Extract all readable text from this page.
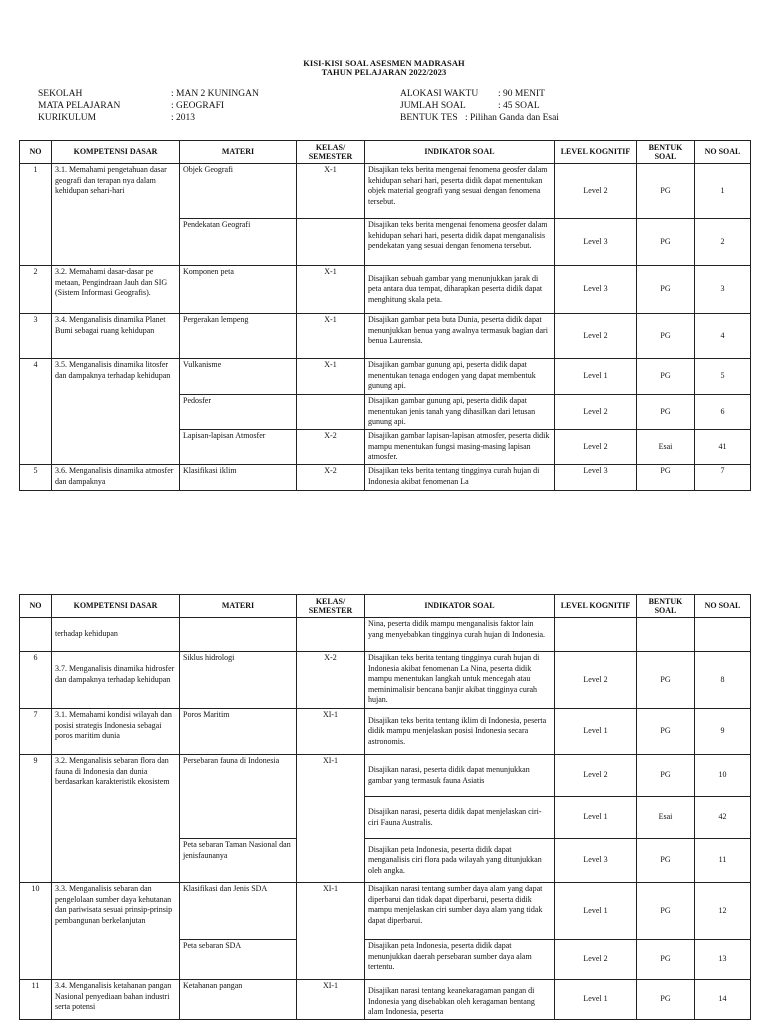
KISI-KISI SOAL ASESMEN MADRASAH
TAHUN PELAJARAN 2022/2023
SEKOLAH	: MAN 2 KUNINGAN
MATA PELAJARAN	: GEOGRAFI
KURIKULUM	: 2013
ALOKASI WAKTU : 90 MENIT
JUMLAH SOAL	: 45 SOAL
BENTUK TES : Pilihan Ganda dan Esai
NO	KOMPETENSI DASAR	MATERI	KELAS/ SEMESTER	INDIKATOR SOAL	LEVEL KOGNITIF	BENTUK SOAL	NO SOAL
1	3.1. Memahami pengetahuan dasar geografi dan terapan nya dalam kehidupan sehari-hari	Objek Geografi	X-1	Disajikan teks berita mengenai fenomena geosfer dalam kehidupan sehari hari, peserta didik dapat menentukan objek material geografi yang sesuai dengan fenomena tersebut.	Level 2	PG	1
		Pendekatan Geografi		Disajikan teks berita mengenai fenomena geosfer dalam kehidupan sehari hari, peserta didik dapat menganalisis pendekatan yang sesuai dengan fenomena tersebut.	Level 3	PG	2
2	3.2. Memahami dasar-dasar pe metaan, Pengindraan Jauh dan SIG (Sistem Informasi Geografis).	Komponen peta	X-1	Disajikan sebuah gambar yang menunjukkan jarak di peta antara dua tempat, diharapkan peserta didik dapat menghitung skala peta.	Level 3	PG	3
3	3.4. Menganalisis dinamika Planet Bumi sebagai ruang kehidupan	Pergerakan lempeng	X-1	Disajikan gambar peta buta Dunia, peserta didik dapat menunjukkan benua yang awalnya termasuk bagian dari benua Laurensia.	Level 2	PG	4
4	3.5. Menganalisis dinamika litosfer dan dampaknya terhadap kehidupan	Vulkanisme	X-1	Disajikan gambar gunung api, peserta didik dapat menentukan tenaga endogen yang dapat membentuk gunung api.	Level 1	PG	5
		Pedosfer		Disajikan gambar gunung api, peserta didik dapat menentukan jenis tanah yang dihasilkan dari letusan gunung api.	Level 2	PG	6
		Lapisan-lapisan Atmosfer	X-2	Disajikan gambar lapisan-lapisan atmosfer, peserta didik mampu menentukan fungsi masing-masing lapisan atmosfer.	Level 2	Esai	41
5	3.6. Menganalisis dinamika atmosfer dan dampaknya	Klasifikasi iklim	X-2	Disajikan teks berita tentang tingginya curah hujan di Indonesia akibat fenomenan La	Level 3	PG	7
NO	KOMPETENSI DASAR	MATERI	KELAS/ SEMESTER	INDIKATOR SOAL	LEVEL KOGNITIF	BENTUK SOAL	NO SOAL
	terhadap kehidupan			Nina, peserta didik mampu menganalisis faktor lain yang menyebabkan tingginya curah hujan di Indonesia.			
6	3.7. Menganalisis dinamika hidrosfer dan dampaknya terhadap kehidupan	Siklus hidrologi	X-2	Disajikan teks berita tentang tingginya curah hujan di Indonesia akibat fenomenan La Nina, peserta didik mampu menentukan langkah untuk mencegah atau meminimalisir bencana banjir akibat tingginya curah hujan.	Level 2	PG	8
7	3.1. Memahami kondisi wilayah dan posisi strategis Indonesia sebagai poros maritim dunia	Poros Maritim	XI-1	Disajikan teks berita tentang iklim di Indonesia, peserta didik mampu menjelaskan posisi Indonesia secara astronomis.	Level 1	PG	9
9	3.2. Menganalisis sebaran flora dan fauna di Indonesia dan dunia berdasarkan karakteristik ekosistem	Persebaran fauna di Indonesia	XI-1	Disajikan narasi, peserta didik dapat menunjukkan gambar yang termasuk fauna Asiatis	Level 2	PG	10
				Disajikan narasi, peserta didik dapat menjelaskan ciri-ciri Fauna Australis.	Level 1	Esai	42
		Peta sebaran Taman Nasional dan jenisfaunanya		Disajikan peta Indonesia, peserta didik dapat menganalisis ciri flora pada wilayah yang ditunjukkan oleh angka.	Level 3	PG	11
10	3.3. Menganalisis sebaran dan pengelolaan sumber daya kehutanan dan pariwisata sesuai prinsip-prinsip pembangunan berkelanjutan	Klasifikasi dan Jenis SDA	XI-1	Disajikan narasi tentang sumber daya alam yang dapat diperbarui dan tidak dapat diperbarui, peserta didik mampu menjelaskan ciri sumber daya alam yang tidak dapat diperbarui.	Level 1	PG	12
		Peta sebaran SDA		Disajikan peta Indonesia, peserta didik dapat menunjukkan daerah persebaran sumber daya alam tertentu.	Level 2	PG	13
11	3.4. Menganalisis ketahanan pangan Nasional penyediaan bahan industri serta potensi	Ketahanan pangan	XI-1	Disajikan narasi tentang keanekaragaman pangan di Indonesia yang disebabkan oleh keragaman bentang alam Indonesia, peserta	Level 1	PG	14
